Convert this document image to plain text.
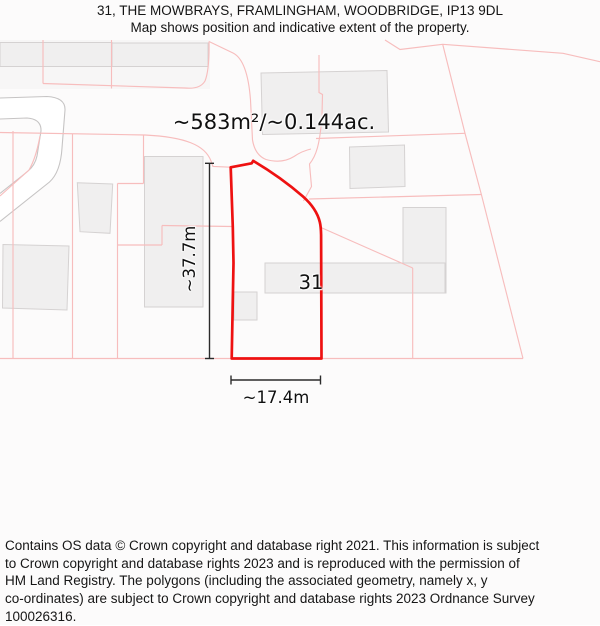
31, THE MOWBRAYS, FRAMLINGHAM, WOODBRIDGE, IP13 9DL
Map shows position and indicative extent of the property.
~583m²/~0.144ac.
31
~37.7m
~17.4m
Contains OS data © Crown copyright and database right 2021. This information is subject
to Crown copyright and database rights 2023 and is reproduced with the permission of
HM Land Registry. The polygons (including the associated geometry, namely x, y
co-ordinates) are subject to Crown copyright and database rights 2023 Ordnance Survey
100026316.
